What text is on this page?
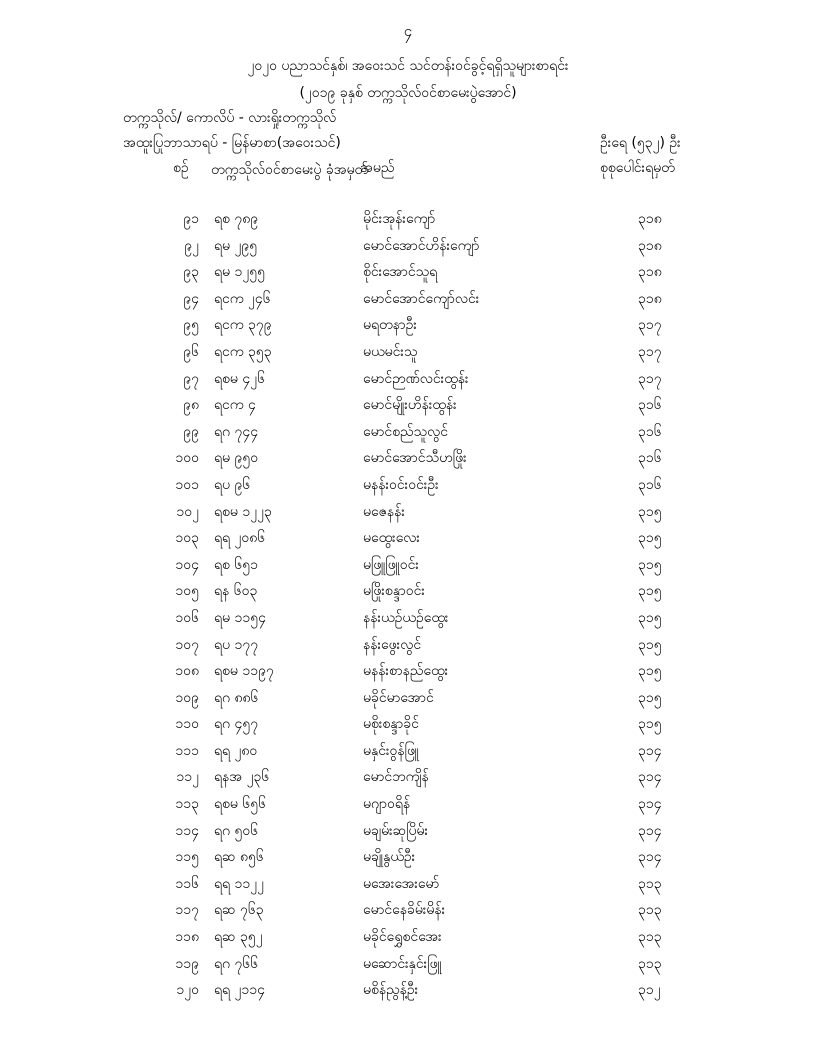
၄
၂၀၂၀ ပညာသင်နှစ်၊ အဝေးသင် သင်တန်းဝင်ခွင့်ရရှိသူများစာရင်း
(၂၀၁၉ ခုနှစ် တက္ကသိုလ်ဝင်စာမေးပွဲအောင်)
တက္ကသိုလ်/ ကောလိပ် - လားရှိုးတက္ကသိုလ်
အထူးပြုဘာသာရပ် - မြန်မာစာ(အဝေးသင်)	ဦးရေ (၅၃၂) ဦး
စဉ် တက္ကသိုလ်ဝင်စာမေးပွဲ ခုံအမှတ်
အမည်	စုစုပေါင်းရမှတ်
၉၁ ရစ ၇၈၉	မိုင်းအုန်းကျော်	၃၁၈
၉၂ ရမ ၂၉၅	မောင်အောင်ဟိန်းကျော်	၃၁၈
၉၃ ရမ ၁၂၅၅	စိုင်းအောင်သူရ	၃၁၈
၉၄ ရငက ၂၄၆	မောင်အောင်ကျော်လင်း	၃၁၈
၉၅ ရငက ၃၇၉	မရတနာဦး	၃၁၇
၉၆ ရငက ၃၅၃	မယမင်းသူ	၃၁၇
၉၇ ရစမ ၄၂၆	မောင်ဉာဏ်လင်းထွန်း	၃၁၇
၉၈ ရငက ၄	မောင်မျိုးဟိန်းထွန်း	၃၁၆
၉၉ ရဂ ၇၄၄	မောင်စည်သူလွင်	၃၁၆
၁၀၀ ရမ ၉၅၀	မောင်အောင်သီဟဖြိုး	၃၁၆
၁၀၁ ရပ ၉၆	မနန်းဝင်းဝင်းဦး	၃၁၆
၁၀၂ ရစမ ၁၂၂၃	မဇေနန်း	၃၁၅
၁၀၃ ရရ ၂၀၈၆	မထွေးလေး	၃၁၅
၁၀၄ ရစ ၆၅၁	မဖြူဖြူဝင်း	၃၁၅
၁၀၅ ရန ၆၀၃	မဖြိုးစန္ဒာဝင်း	၃၁၅
၁၀၆ ရမ ၁၁၅၄	နန်းယဉ်ယဉ်ထွေး	၃၁၅
၁၀၇ ရပ ၁၇၇	နန်းဖွေးလွင်	၃၁၅
၁၀၈ ရစမ ၁၁၉၇	မနန်းစာနည်ထွေး	၃၁၅
၁၀၉ ရဂ ၈၈၆	မခိုင်မာအောင်	၃၁၅
၁၁၀ ရဂ ၄၅၇	မစိုးစန္ဒာခိုင်	၃၁၅
၁၁၁ ရရ ၂၈၀	မနှင်းဝွန်ဖြူ	၃၁၄
၁၁၂ ရနအ ၂၃၆	မောင်ဘကျိန်	၃၁၄
၁၁၃ ရစမ ၆၅၆	မဂျာဝရိန်	၃၁၄
၁၁၄ ရဂ ၅၀၆	မချမ်းဆုပြိမ်း	၃၁၄
၁၁၅ ရဆ ၈၅၆	မချိုနွယ်ဦး	၃၁၄
၁၁၆ ရရ ၁၁၂၂	မအေးအေးမော်	၃၁၃
၁၁၇ ရဆ ၇၆၃	မောင်နေခိမ်းမိန်း	၃၁၃
၁၁၈ ရဆ ၃၅၂	မခိုင်ရွှေစင်အေး	၃၁၃
၁၁၉ ရဂ ၇၆၆	မဆောင်းနှင်းဖြူ	၃၁၃
၁၂၀ ရရ ၂၁၁၄	မစိန်ညွန့်ဦး	၃၁၂
